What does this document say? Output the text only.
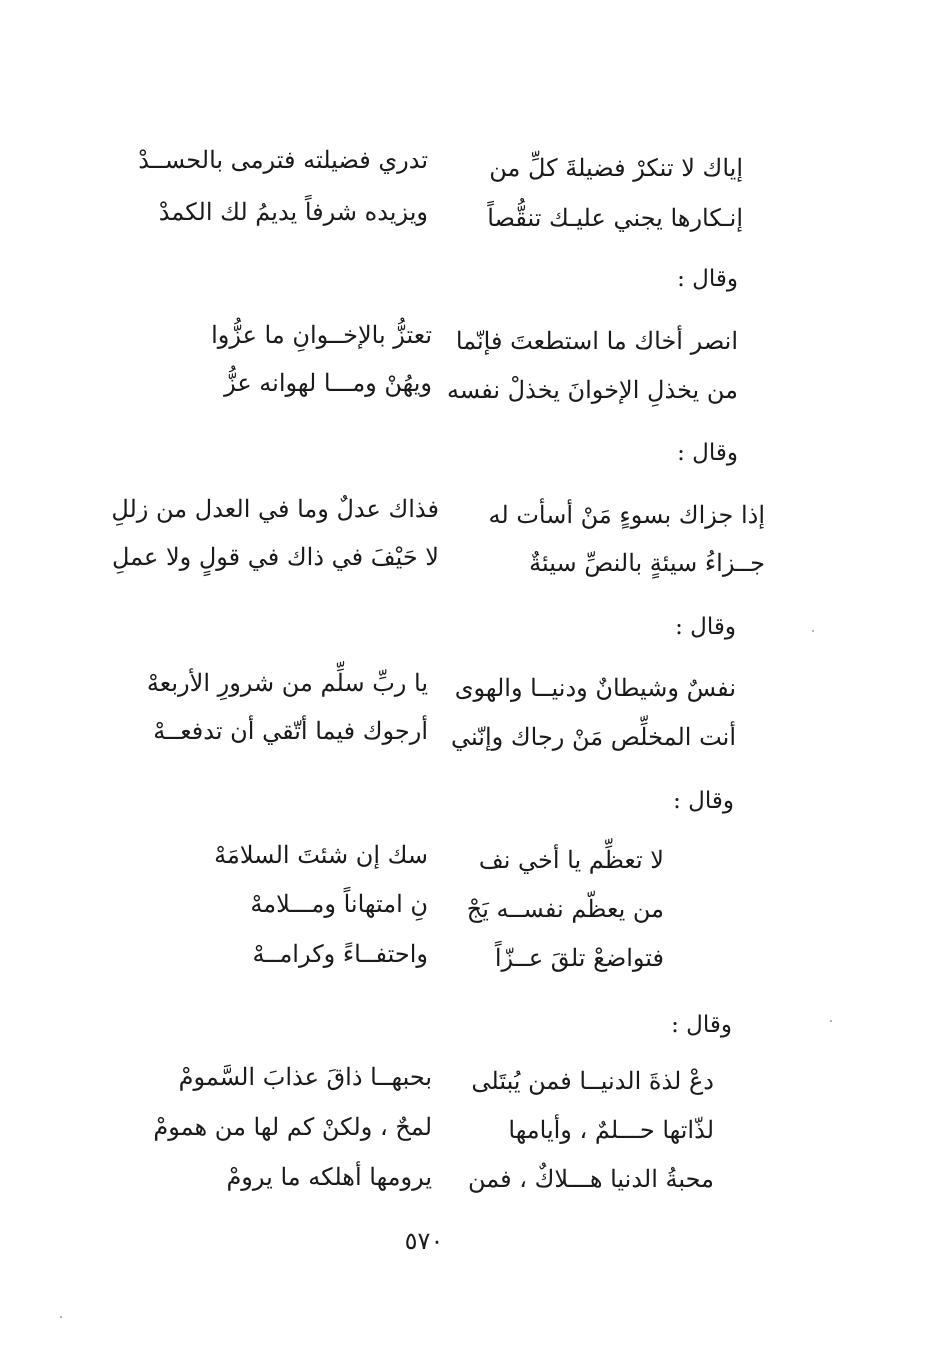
إياك لا تنكرْ فضيلةَ كلِّ من
تدري فضيلته فترمى بالحســدْ
إنـكارها يجني عليـك تنقُّصاً
ويزيده شرفاً يديمُ لك الكمدْ
وقال :
انصر أخاك ما استطعتَ فإنّما
تعتزُّ بالإخــوانِ ما عزُّوا
من يخذلِ الإخوانَ يخذلْ نفسه
ويهُنْ ومـــا لهوانه عزُّ
وقال :
إذا جزاك بسوءٍ مَنْ أسأت له
فذاك عدلٌ وما في العدل من زللِ
جــزاءُ سيئةٍ بالنصِّ سيئةٌ
لا حَيْفَ في ذاك في قولٍ ولا عملِ
وقال :
نفسٌ وشيطانٌ ودنيــا والهوى
يا ربِّ سلِّم من شرورِ الأربعهْ
أنت المخلِّص مَنْ رجاك وإنّني
أرجوك فيما أتّقي أن تدفعــهْ
وقال :
لا تعظِّم يا أخي نف
سك إن شئتَ السلامَهْ
من يعظّم نفســه يَجْ
نِ امتهاناً ومـــلامهْ
فتواضعْ تلقَ عــزّاً
واحتفــاءً وكرامــهْ
وقال :
دعْ لذةَ الدنيــا فمن يُبتَلى
بحبهــا ذاقَ عذابَ السَّمومْ
لذّاتها حـــلمٌ ، وأيامها
لمحٌ ، ولكنْ كم لها من همومْ
محبةُ الدنيا هـــلاكٌ ، فمن
يرومها أهلكه ما يرومْ
٥٧٠
